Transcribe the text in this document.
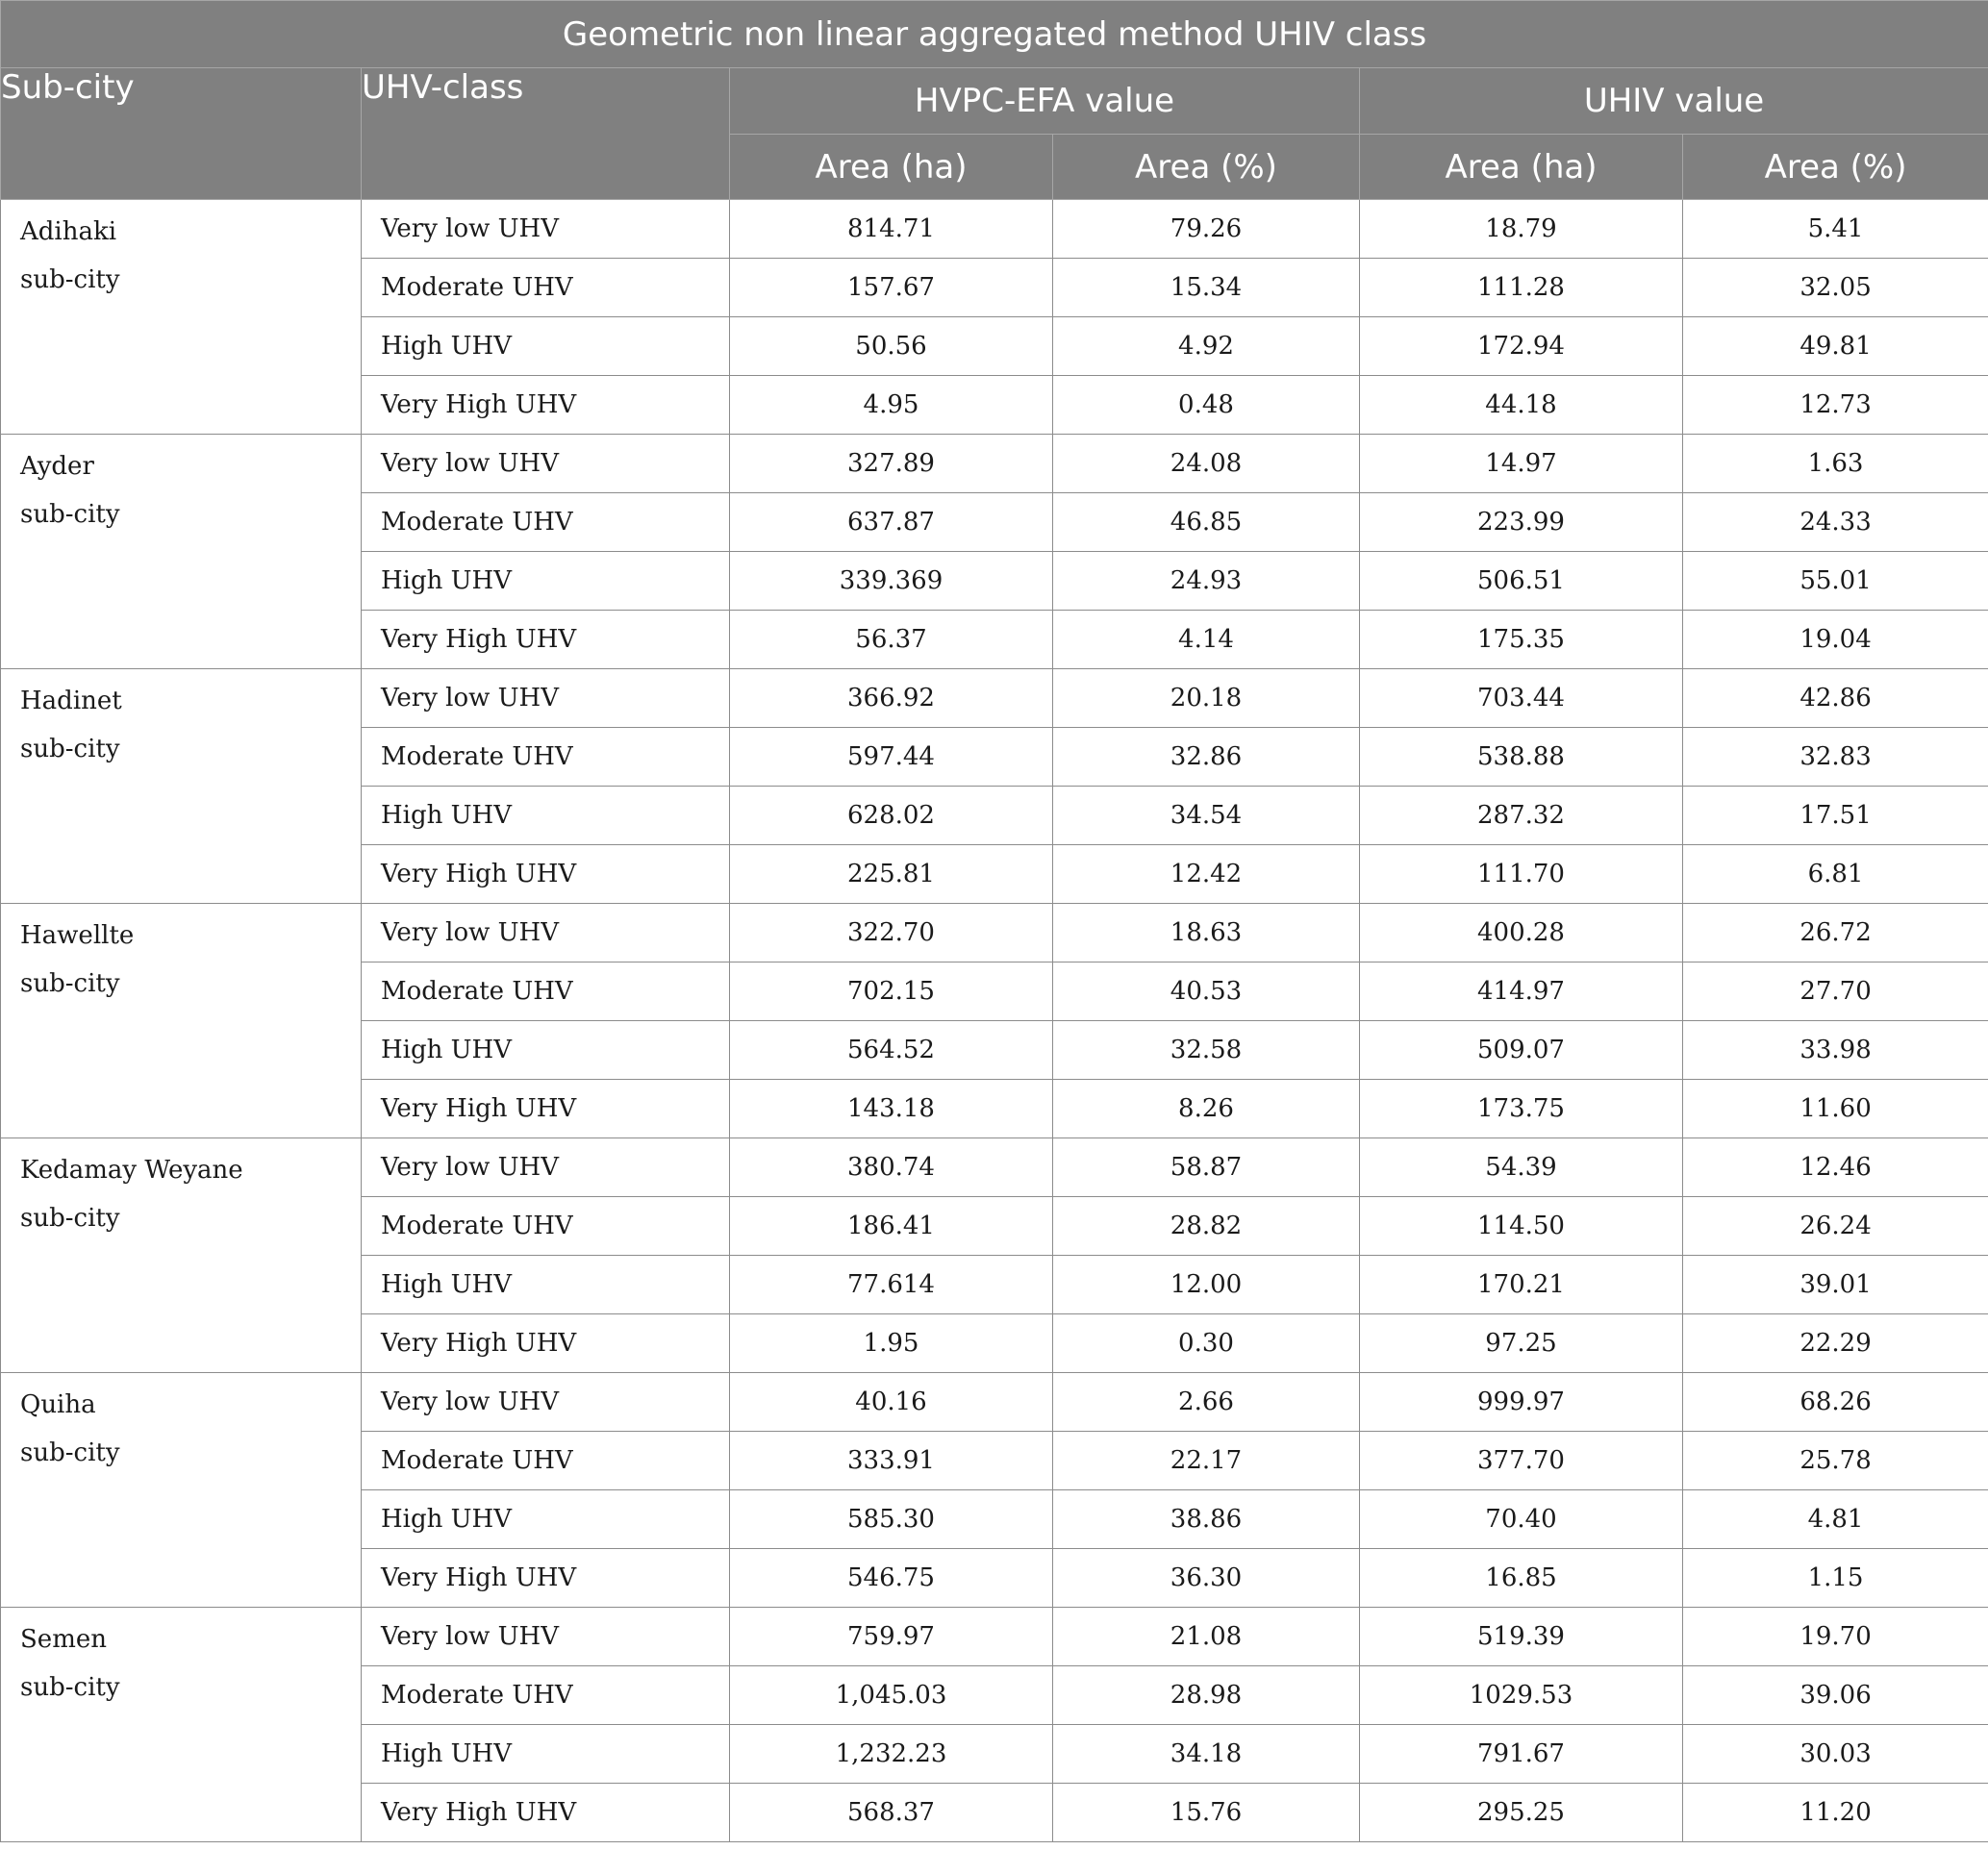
Geometric non linear aggregated method UHIV class					
Sub-city	UHV-class	HVPC-EFA value		UHIV value	
		Area (ha)	Area (%)	Area (ha)	Area (%)

Adihaki
sub-city	Very low UHV	814.71	79.26	18.79	5.41
	Moderate UHV	157.67	15.34	111.28	32.05
	High UHV	50.56	4.92	172.94	49.81
	Very High UHV	4.95	0.48	44.18	12.73

Ayder
sub-city	Very low UHV	327.89	24.08	14.97	1.63
	Moderate UHV	637.87	46.85	223.99	24.33
	High UHV	339.369	24.93	506.51	55.01
	Very High UHV	56.37	4.14	175.35	19.04

Hadinet
sub-city	Very low UHV	366.92	20.18	703.44	42.86
	Moderate UHV	597.44	32.86	538.88	32.83
	High UHV	628.02	34.54	287.32	17.51
	Very High UHV	225.81	12.42	111.70	6.81

Hawellte
sub-city	Very low UHV	322.70	18.63	400.28	26.72
	Moderate UHV	702.15	40.53	414.97	27.70
	High UHV	564.52	32.58	509.07	33.98
	Very High UHV	143.18	8.26	173.75	11.60

Kedamay Weyane
sub-city	Very low UHV	380.74	58.87	54.39	12.46
	Moderate UHV	186.41	28.82	114.50	26.24
	High UHV	77.614	12.00	170.21	39.01
	Very High UHV	1.95	0.30	97.25	22.29

Quiha
sub-city	Very low UHV	40.16	2.66	999.97	68.26
	Moderate UHV	333.91	22.17	377.70	25.78
	High UHV	585.30	38.86	70.40	4.81
	Very High UHV	546.75	36.30	16.85	1.15

Semen
sub-city	Very low UHV	759.97	21.08	519.39	19.70
	Moderate UHV	1,045.03	28.98	1029.53	39.06
	High UHV	1,232.23	34.18	791.67	30.03
	Very High UHV	568.37	15.76	295.25	11.20
